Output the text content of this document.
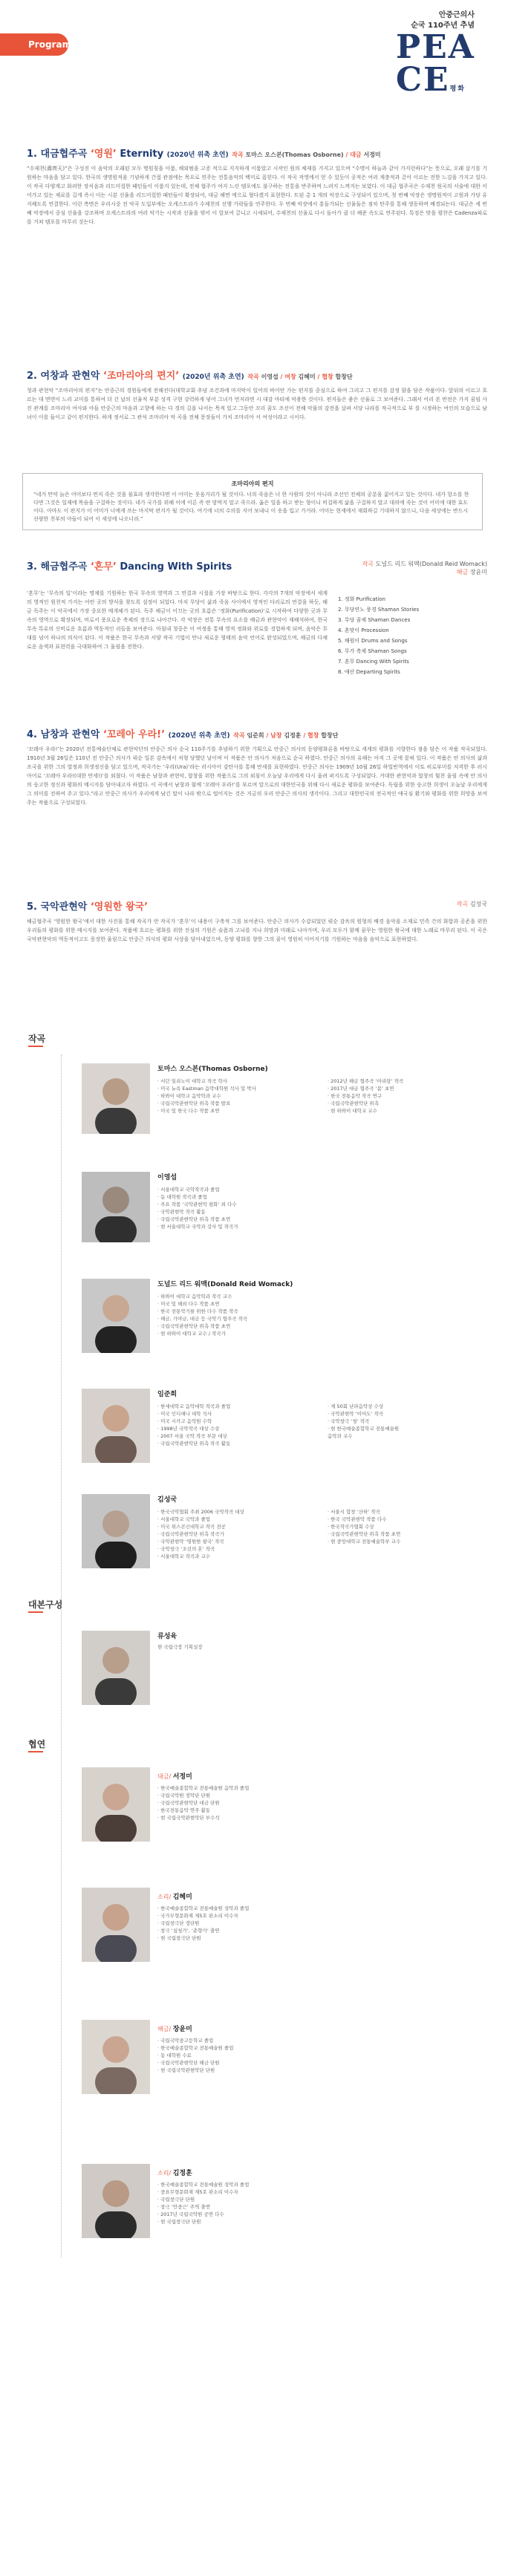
Program
안중근의사
순국 110주년 추념
PEA
CE평화
1. 대금협주곡 ‘영원’ Eternity (2020년 위촉 초연) 작곡 토마스 오스본(Thomas Osborne) / 대금 서정미

“수제천(壽齊天)”은 구성진 이 음악의 오래된 모두 명원칭을 이룸, 해외범을 고증 적으로 지지하게 이룸았고 시작인 원의 체제를 가지고 있으며 “수명이 하늘과 같이 가지런하다”는 뜻으로, 오래 살기를 기원하는 마음을 담고 있다. 한국의 생명원적을 기념하게 간접 관점에는 목요로 연주는 전통음악의 백미로 꼽힌다. 이 작곡 작영에서 얻 수 있듯이 공적은 여러 계층적과 끌어 이르는 전한 느김을 가지고 있다. 이 작곡 다양계고 화려한 장식음과 리드미컬한 패턴들이 이룸지 있는데, 전체 협주가 여지 느린 템포에도 불구하는 전통을 반주하며 느려지 느껴지는 보였다. 이 대금 협주곡은 수제천 원곡의 서술에 대한 이어가고 있는 재료를 길게 즉시 이는 시분 선율을 리드미컬한 패턴들이 확장되어, 대금 해면 에으로 혈다겠지 표현한다. 트된 총 1 개의 악장으로 구성되어 있으며, 첫 번째 악장은 생명원적이 고원과 가당 유지해도록 연결한다. 이런 측면은 우리시중 전 악곡 도입부에는 오케스트라가 수제천의 선행 가락들을 연주한다. 두 번째 악장에서 흥돌가되는 선율들은 점차 탄주를 통해 생동하며 배경되는다. 대금은 세 번째 악장에서 중심 선율을 강조하며 오케스트라의 여러 악기는 시작과 선율을 엮어 이 앞보여 끌니고 시새되어, 수제천의 선율로 다시 돌아가 클 더 해준 속도로 연주된다. 특징은 맞을 폄찬은 Cadenza파로를 거쳐 템포를 마무리 짓는다.

2. 여창과 관현악 ‘조마리아의 편지’ (2020년 위촉 초연) 작곡 이영섭 / 여창 김혜미 / 협창 합창단

청과 관현악 “조마리아의 편지”는 안중근의 경원들에게 전해진다(대학교회 추념 조건과에 마지막이 있어의 바이안 가는 편지를 중심으로 하여 그리고 그 편지를 감정 함을 담은 작품이다. 앞뒤의 이르고 흐르는 대 면면이 느리 교미를 통하여 더 긴 날의 선율적 부분 성격 구현 강력하게 넣어 그녀가 먼저라면 시 대감 마티에 악용한 것이다. 편지들은 좋은 선율로 그 보여준다. 그래서 어리 본 반전은 가지 꿈임 사진 관계를 조마리아 여사와 아들 안중근의 마음과 고향에 하는 다 경의 길을 나서는 목적 있고 그동안 꼬리 꿈도 조선이 전해 악물의 감전을 살펴 서당 나라를 적극적으로 부 를 시정하는 여인의 모습으로 남녀이 이를 들이고 같이 편지한다. 하게 정서로 그 관식 조마리아 악 곡을 전체 문장들이 가치 조마리아 서 여성이라고 시이다.

조마리아의 편지

“네가 만약 늙은 어미보다 먼저 죽은 것을 불효라 생각한다면 이 어미는 웃음거리가 될 것이다. 너의 죽음은 너 한 사람의 것이 아니라 조선인 전체의 공분을 짊어지고 있는 것이다. 네가 항소를 한다면 그것은 일제에 목숨을 구걸하는 짓이다. 네가 국가를 위해 이에 이른 즉 딴 맘먹지 말고 죽으라. 옳은 일을 하고 받는 형이니 비겁하게 삶을 구걸하지 말고 대의에 죽는 것이 어미에 대한 효도이다. 아마도 이 편지가 이 어미가 너에게 쓰는 마지막 편지가 될 것이다. 여기에 너의 수의를 지어 보내니 이 옷을 입고 가거라. 어미는 현세에서 재회하길 기대하지 않으니, 다음 세상에는 반드시 선량한 천부의 아들이 되어 이 세상에 나오너라.”

3. 해금협주곡 ‘혼무’ Dancing With Spirits	작곡 도널드 리드 워맥(Donald Reid Womack)
해금 장윤미

‘혼무’는 ‘무속의 일’이라는 명제를 기원하는 한국 무속의 영역과 그 연결과 시절을 가장 바탕으로 한다. 각각의 7개의 악장에서 세계의 영적인 원천적 가지는 어떤 곳의 방식을 찾도록 설정이 되었다. 마치 무당이 삶과 죽음 사이에서 영적인 다리로의 연결을 하듯, 해금 독주는 이 악곡에서 가장 중요한 매개체가 된다. 독주 해금이 이끄는 굿의 흐름은 ‘정화(Purification)’로 시작하여 다양한 굿과 무속의 영역으로 확장되며, 비로서 풍요로운 축제의 장으로 나아간다. 각 악장은 전통 무속의 요소를 해금과 관현악이 재해석하여, 한국 무속 특유의 신비로운 흐름과 역동적인 리듬을 보여준다. 마침내 청중은 이 여정을 통해 영적 정화와 위로를 경험하게 되며, 음악은 무대를 넘어 하나의 의식이 된다. 이 작품은 한국 무속과 서양 작곡 기법이 만나 새로운 형태의 음악 언어로 완성되었으며, 해금의 다채로운 음색과 표현력을 극대화하여 그 울림을 전한다.

1. 정화 Purification
2. 무당연노 풍경 Shaman Stories
3. 무당 꿈제 Shaman Dances
4. 혼맞이 Procession
5. 해원이 Drums and Songs
6. 무가 축제 Shaman Songs
7. 혼무 Dancing With Spirits
8. 애산 Departing Spirits
4. 남창과 관현악 ‘꼬레아 우라!’ (2020년 위촉 초연) 작곡 임준희 / 남창 김정훈 / 협창 합창단

‘꼬레아 우라!’는 2020년 전통예술단체로 관현악단의 안중근 의사 순국 110주기를 추념하기 위한 기획으로 안중근 의사의 동양평화론을 바탕으로 세계의 평화를 지향한다 점을 담은 이 작품 작곡되었다. 1910년 3월 26일은 110년 전 안중근 의사가 뤼순 일본 감옥에서 처형 당했던 날이며 이 작품은 안 의사가 처음으로 순국 하였다. 안중근 의사의 유해는 아직 그 곳에 묻혀 있다. 이 작품은 안 의사의 삶과 조국을 위한 그의 열정과 희생정신을 담고 있으며, 작곡가는 ‘우라(Ura)’라는 러시아어 감탄사를 통해 만세를 표현하였다. 안중근 의사는 1909년 10월 26일 하얼빈역에서 이토 히로부미를 저격한 후 러시아어로 ‘꼬레아 우라!(대한 만세!)’를 외쳤다. 이 작품은 남창과 관현악, 합창을 위한 작품으로 그의 외침이 오늘날 우리에게 다시 울려 퍼지도록 구성되었다. 거대한 관현악과 합창의 힘찬 울림 속에 안 의사의 숭고한 정신과 평화의 메시지를 담아내고자 하였다. 이 곡에서 남창과 함께 ‘꼬레아 우라!’를 부르며 앞으로의 대한민국을 위해 다시 새로운 평화를 보여준다. 독립을 위한 숭고한 희생이 오늘날 우리에게 그 의미를 전하여 주고 있다.”라고 안중근 의사가 우리에게 남긴 말이 나라 밖으로 떨어지는 것은 지금의 우리 안중근 의사의 생각이다. 그리고 대한민국의 전국적인 애국심 환기와 평화를 위한 희망을 보여주는 작품으로 구성되었다.

5. 국악관현악 ‘영원한 왕국’	작곡 김성국

해금협주곡 ‘영원한 왕국’에서 대한 사진을 통해 작곡가 안 작곡가 ‘혼무’이 내용이 구축적 그를 보여준다. 안중근 의사가 수감되었던 뤼순 감옥의 원형의 배경 음악을 소재로 민족 간의 화합과 공존을 위한 우리들의 평화를 위한 메시지를 보여준다. 작품에 흐르는 평화를 위한 진심의 기원은 슬픔과 고뇌를 지나 희망과 미래로 나아가며, 우리 모두가 함께 꿈꾸는 영원한 왕국에 대한 노래로 마무리 된다. 이 곡은 국악관현악의 역동적이고도 웅장한 울림으로 안중근 의사의 평화 사상을 담아내었으며, 동양 평화를 향한 그의 꿈이 영원히 이어지기를 기원하는 마음을 음악으로 표현하였다.

작곡
토마스 오스본(Thomas Osborne)

· 서던 일리노이 대학교 작곡 학사

· 미국 뉴욕 Eastman 음악대학원 석사 및 박사

· 하와이 대학교 음악학과 교수

· 국립국악관현악단 위촉 작품 발표

· 미국 및 한국 다수 작품 초연

· 2012년 해금 협주곡 ‘아리랑’ 작곡

· 2017년 대금 협주곡 ‘봄’ 초연

· 한국 전통음악 작곡 연구

· 국립국악관현악단 위촉

· 현 하와이 대학교 교수

이영섭

· 서울대학교 국악작곡과 졸업

· 동 대학원 작곡과 졸업

· 주요 작품 ‘국악관현악 평화’ 외 다수

· 국악관현악 작곡 활동

· 국립국악관현악단 위촉 작품 초연

· 현 서울대학교 국악과 강사 및 작곡가

도널드 리드 워맥(Donald Reid Womack)

· 하와이 대학교 음악학과 작곡 교수

· 미국 및 해외 다수 작품 초연

· 한국 전통악기를 위한 다수 작품 작곡

· 해금, 가야금, 대금 등 국악기 협주곡 작곡

· 국립국악관현악단 위촉 작품 초연

· 현 하와이 대학교 교수 / 작곡가

임준희

· 한세대학교 음악대학 작곡과 졸업

· 미국 인디애나 대학 석사

· 미국 시카고 음악원 수학

· 1998년 국악작곡 대상 수상

· 2007 서울 국악 작곡 부문 대상

· 국립국악관현악단 위촉 작곡 활동

· 제 50회 난파음악상 수상

· 국악관현악 ‘이어도’ 작곡

· 국악창극 ‘청’ 작곡

· 현 한국예술종합학교 전통예술원

음악과 교수

김성국

· 한국국악협회 주최 2006 국악작곡 대상

· 서울대학교 국악과 졸업

· 미국 위스콘신대학교 작곡 전공

· 국립국악관현악단 위촉 작곡가

· 국악관현악 ‘영원한 왕국’ 작곡

· 국악창극 ‘조선의 혼’ 작곡

· 서울대학교 작곡과 교수

· 서울시 합창 ‘산하’ 작곡

· 한국 국악관현악 작품 다수

· 한국작곡가협회 수상

· 국립국악관현악단 위촉 작품 초연

· 현 중앙대학교 전통예술학부 교수

대본구성
류성육

현 국립극장 기획실장

협연
대금/ 서정미

· 한국예술종합학교 전통예술원 음악과 졸업

· 국립국악원 정악단 단원

· 국립국악관현악단 대금 단원

· 한국전통음악 연주 활동

· 현 국립국악관현악단 부수석

소리/ 김혜미

· 한국예술종합학교 전통예술원 성악과 졸업

· 국가무형문화재 제5호 판소리 이수자

· 국립창극단 정단원

· 창극 ‘심청가’, ‘춘향가’ 출연

· 현 국립창극단 단원

해금/ 장윤미

· 국립국악중고등학교 졸업

· 한국예술종합학교 전통예술원 졸업

· 동 대학원 수료

· 국립국악관현악단 해금 단원

· 현 국립국악관현악단 단원

소리/ 김정훈

· 한국예술종합학교 전통예술원 성악과 졸업

· 중요무형문화재 제5호 판소리 이수자

· 국립창극단 단원

· 창극 ‘안중근’ 주역 출연

· 2017년 국립국악원 공연 다수

· 현 국립창극단 단원
